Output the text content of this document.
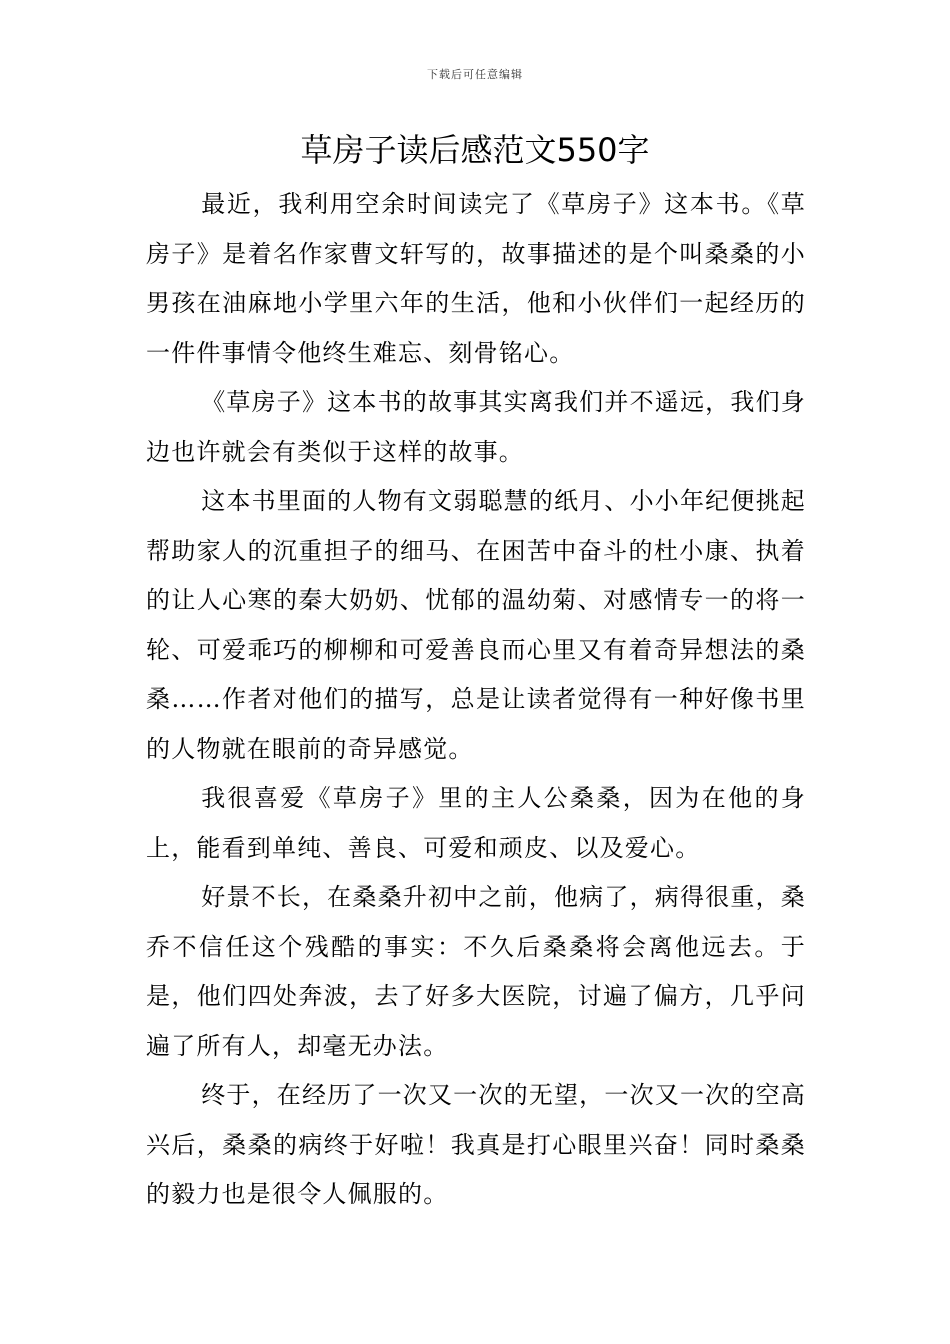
下载后可任意编辑
草房子读后感范文550字

最近，我利用空余时间读完了《草房子》这本书。《草房子》是着名作家曹文轩写的，故事描述的是个叫桑桑的小男孩在油麻地小学里六年的生活，他和小伙伴们一起经历的一件件事情令他终生难忘、刻骨铭心。

《草房子》这本书的故事其实离我们并不遥远，我们身边也许就会有类似于这样的故事。

这本书里面的人物有文弱聪慧的纸月、小小年纪便挑起帮助家人的沉重担子的细马、在困苦中奋斗的杜小康、执着的让人心寒的秦大奶奶、忧郁的温幼菊、对感情专一的将一轮、可爱乖巧的柳柳和可爱善良而心里又有着奇异想法的桑桑……作者对他们的描写，总是让读者觉得有一种好像书里的人物就在眼前的奇异感觉。

我很喜爱《草房子》里的主人公桑桑，因为在他的身上，能看到单纯、善良、可爱和顽皮、以及爱心。

好景不长，在桑桑升初中之前，他病了，病得很重，桑乔不信任这个残酷的事实：不久后桑桑将会离他远去。于是，他们四处奔波，去了好多大医院，讨遍了偏方，几乎问遍了所有人，却毫无办法。

终于，在经历了一次又一次的无望，一次又一次的空高兴后，桑桑的病终于好啦！我真是打心眼里兴奋！同时桑桑的毅力也是很令人佩服的。
